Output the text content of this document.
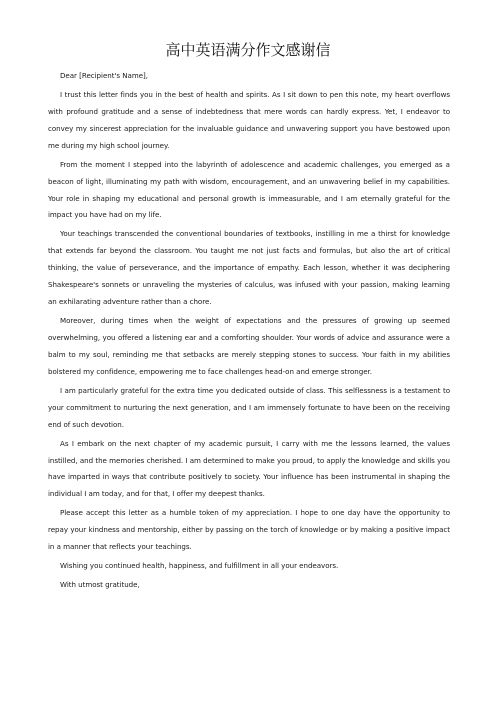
高中英语满分作文感谢信

Dear [Recipient's Name],

I trust this letter finds you in the best of health and spirits. As I sit down to pen this note, my heart overflows with profound gratitude and a sense of indebtedness that mere words can hardly express. Yet, I endeavor to convey my sincerest appreciation for the invaluable guidance and unwavering support you have bestowed upon me during my high school journey.

From the moment I stepped into the labyrinth of adolescence and academic challenges, you emerged as a beacon of light, illuminating my path with wisdom, encouragement, and an unwavering belief in my capabilities. Your role in shaping my educational and personal growth is immeasurable, and I am eternally grateful for the impact you have had on my life.

Your teachings transcended the conventional boundaries of textbooks, instilling in me a thirst for knowledge that extends far beyond the classroom. You taught me not just facts and formulas, but also the art of critical thinking, the value of perseverance, and the importance of empathy. Each lesson, whether it was deciphering Shakespeare's sonnets or unraveling the mysteries of calculus, was infused with your passion, making learning an exhilarating adventure rather than a chore.

Moreover, during times when the weight of expectations and the pressures of growing up seemed overwhelming, you offered a listening ear and a comforting shoulder. Your words of advice and assurance were a balm to my soul, reminding me that setbacks are merely stepping stones to success. Your faith in my abilities bolstered my confidence, empowering me to face challenges head-on and emerge stronger.

I am particularly grateful for the extra time you dedicated outside of class. This selflessness is a testament to your commitment to nurturing the next generation, and I am immensely fortunate to have been on the receiving end of such devotion.

As I embark on the next chapter of my academic pursuit, I carry with me the lessons learned, the values instilled, and the memories cherished. I am determined to make you proud, to apply the knowledge and skills you have imparted in ways that contribute positively to society. Your influence has been instrumental in shaping the individual I am today, and for that, I offer my deepest thanks.

Please accept this letter as a humble token of my appreciation. I hope to one day have the opportunity to repay your kindness and mentorship, either by passing on the torch of knowledge or by making a positive impact in a manner that reflects your teachings.

Wishing you continued health, happiness, and fulfillment in all your endeavors.

With utmost gratitude,
